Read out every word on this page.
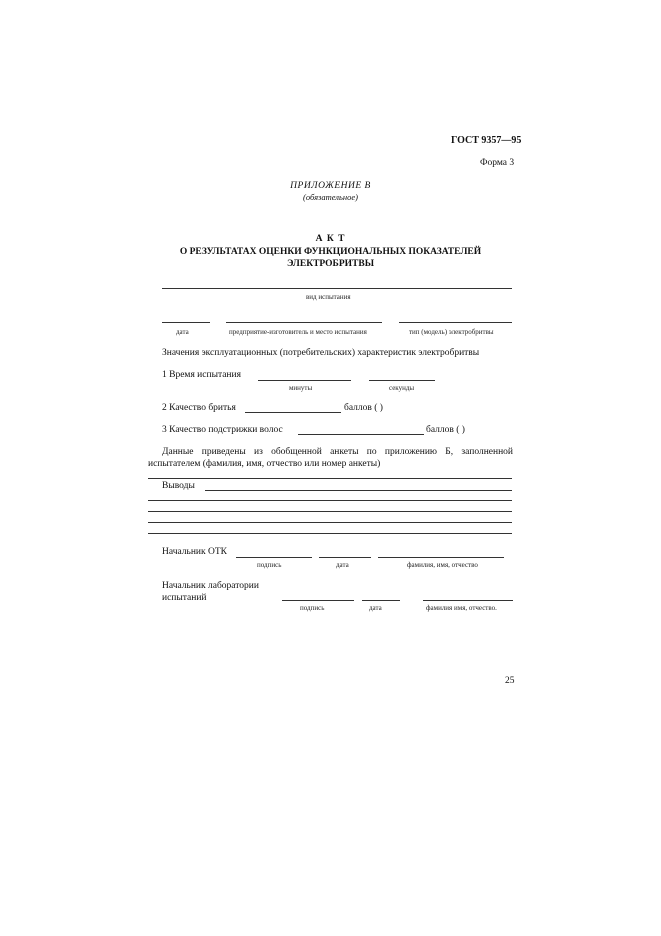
ГОСТ 9357—95
Форма 3
ПРИЛОЖЕНИЕ В
(обязательное)
А К Т
О РЕЗУЛЬТАТАХ ОЦЕНКИ ФУНКЦИОНАЛЬНЫХ ПОКАЗАТЕЛЕЙ
ЭЛЕКТРОБРИТВЫ
вид испытания
дата	предприятие-изготовитель и место испытания	тип (модель) электробритвы
Значения эксплуатационных (потребительских) характеристик электробритвы
1 Время испытания
минуты	секунды
2 Качество бритья	баллов ( )
3 Качество подстрижки волос	баллов ( )
Данные приведены из обобщенной анкеты по приложению Б, заполненной
испытателем (фамилия, имя, отчество или номер анкеты)
Выводы
Начальник ОТК
подпись	дата	фамилия, имя, отчество
Начальник лаборатории
испытаний
подпись	дата	фамилия имя, отчество.
25
